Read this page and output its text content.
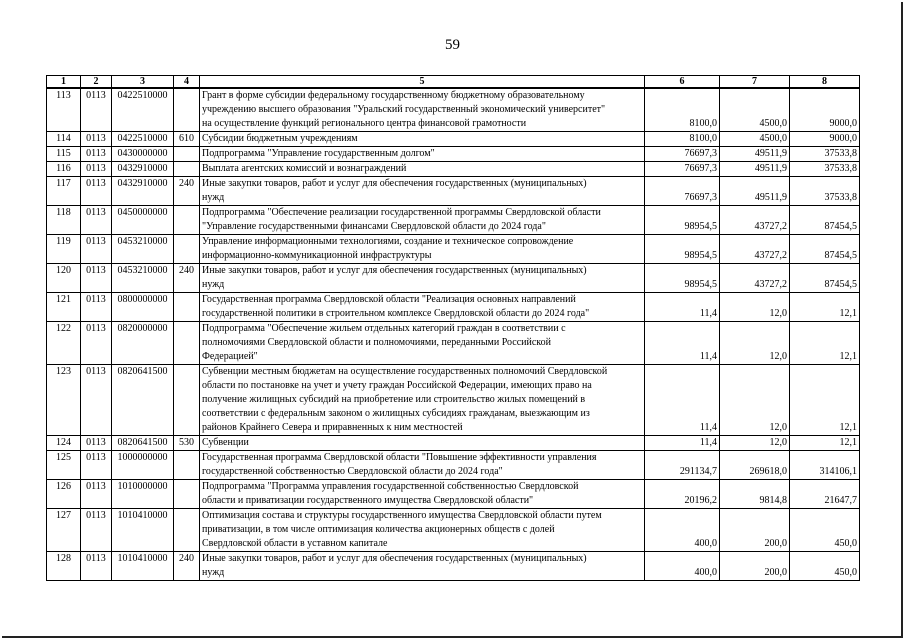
59
1	2	3	4	5	6	7	8
113	0113	0422510000		Грант в форме субсидии федеральному государственному бюджетному образовательному
учреждению высшего образования "Уральский государственный экономический университет"
на осуществление функций регионального центра финансовой грамотности	8100,0	4500,0	9000,0
114	0113	0422510000	610	Субсидии бюджетным учреждениям	8100,0	4500,0	9000,0
115	0113	0430000000		Подпрограмма "Управление государственным долгом"	76697,3	49511,9	37533,8
116	0113	0432910000		Выплата агентских комиссий и вознаграждений	76697,3	49511,9	37533,8
117	0113	0432910000	240	Иные закупки товаров, работ и услуг для обеспечения государственных (муниципальных)
нужд	76697,3	49511,9	37533,8
118	0113	0450000000		Подпрограмма "Обеспечение реализации государственной программы Свердловской области
"Управление государственными финансами Свердловской области до 2024 года"	98954,5	43727,2	87454,5
119	0113	0453210000		Управление информационными технологиями, создание и техническое сопровождение
информационно-коммуникационной инфраструктуры	98954,5	43727,2	87454,5
120	0113	0453210000	240	Иные закупки товаров, работ и услуг для обеспечения государственных (муниципальных)
нужд	98954,5	43727,2	87454,5
121	0113	0800000000		Государственная программа Свердловской области "Реализация основных направлений
государственной политики в строительном комплексе Свердловской области до 2024 года"	11,4	12,0	12,1
122	0113	0820000000		Подпрограмма "Обеспечение жильем отдельных категорий граждан в соответствии с
полномочиями Свердловской области и полномочиями, переданными Российской
Федерацией"	11,4	12,0	12,1
123	0113	0820641500		Субвенции местным бюджетам на осуществление государственных полномочий Свердловской
области по постановке на учет и учету граждан Российской Федерации, имеющих право на
получение жилищных субсидий на приобретение или строительство жилых помещений в
соответствии с федеральным законом о жилищных субсидиях гражданам, выезжающим из
районов Крайнего Севера и приравненных к ним местностей	11,4	12,0	12,1
124	0113	0820641500	530	Субвенции	11,4	12,0	12,1
125	0113	1000000000		Государственная программа Свердловской области "Повышение эффективности управления
государственной собственностью Свердловской области до 2024 года"	291134,7	269618,0	314106,1
126	0113	1010000000		Подпрограмма "Программа управления государственной собственностью Свердловской
области и приватизации государственного имущества Свердловской области"	20196,2	9814,8	21647,7
127	0113	1010410000		Оптимизация состава и структуры государственного имущества Свердловской области путем
приватизации, в том числе оптимизация количества акционерных обществ с долей
Свердловской области в уставном капитале	400,0	200,0	450,0
128	0113	1010410000	240	Иные закупки товаров, работ и услуг для обеспечения государственных (муниципальных)
нужд	400,0	200,0	450,0
